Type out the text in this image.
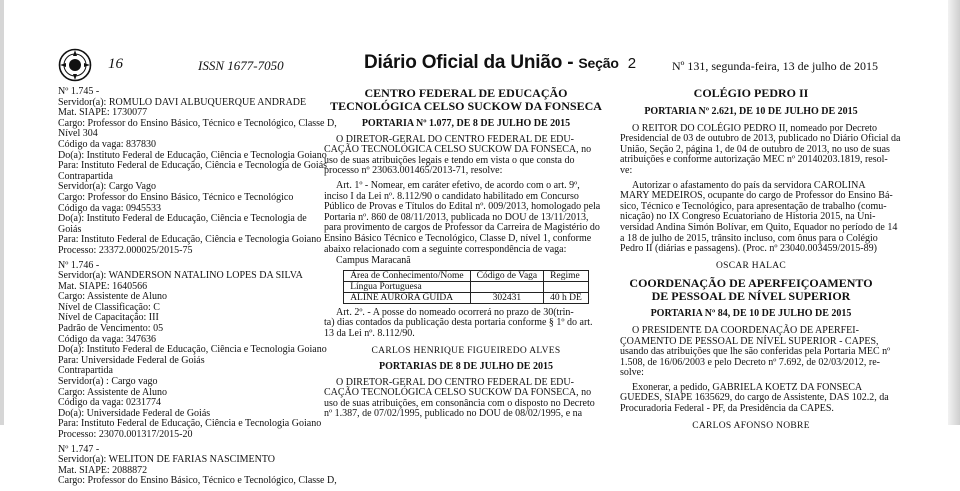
16	ISSN 1677-7050	Diário Oficial da União - Seção 2	Nº 131, segunda-feira, 13 de julho de 2015
Nº 1.745 -
Servidor(a): ROMULO DAVI ALBUQUERQUE ANDRADE
Mat. SIAPE: 1730077
Cargo: Professor do Ensino Básico, Técnico e Tecnológico, Classe D,
Nível 304
Código da vaga: 837830
Do(a): Instituto Federal de Educação, Ciência e Tecnologia Goiano
Para: Instituto Federal de Educação, Ciência e Tecnologia de Goiás
Contrapartida
Servidor(a): Cargo Vago
Cargo: Professor do Ensino Básico, Técnico e Tecnológico
Código da vaga: 0945533
Do(a): Instituto Federal de Educação, Ciência e Tecnologia de
Goiás
Para: Instituto Federal de Educação, Ciência e Tecnologia Goiano
Processo: 23372.000025/2015-75
Nº 1.746 -
Servidor(a): WANDERSON NATALINO LOPES DA SILVA
Mat. SIAPE: 1640566
Cargo: Assistente de Aluno
Nível de Classificação: C
Nível de Capacitação: III
Padrão de Vencimento: 05
Código da vaga: 347636
Do(a): Instituto Federal de Educação, Ciência e Tecnologia Goiano
Para: Universidade Federal de Goiás
Contrapartida
Servidor(a) : Cargo vago
Cargo: Assistente de Aluno
Código da vaga: 0231774
Do(a): Universidade Federal de Goiás
Para: Instituto Federal de Educação, Ciência e Tecnologia Goiano
Processo: 23070.001317/2015-20
Nº 1.747 -
Servidor(a): WELITON DE FARIAS NASCIMENTO
Mat. SIAPE: 2088872
Cargo: Professor do Ensino Básico, Técnico e Tecnológico, Classe D,
CENTRO FEDERAL DE EDUCAÇÃO
TECNOLÓGICA CELSO SUCKOW DA FONSECA
PORTARIA Nº 1.077, DE 8 DE JULHO DE 2015
O DIRETOR-GERAL DO CENTRO FEDERAL DE EDU-
CAÇÃO TECNOLÓGICA CELSO SUCKOW DA FONSECA, no
uso de suas atribuições legais e tendo em vista o que consta do
processo nº 23063.001465/2013-71, resolve:
Art. 1º - Nomear, em caráter efetivo, de acordo com o art. 9º,
inciso I da Lei nº. 8.112/90 o candidato habilitado em Concurso
Público de Provas e Títulos do Edital nº. 009/2013, homologado pela
Portaria nº. 860 de 08/11/2013, publicada no DOU de 13/11/2013,
para provimento de cargos de Professor da Carreira de Magistério do
Ensino Básico Técnico e Tecnológico, Classe D, nível 1, conforme
abaixo relacionado com a seguinte correspondência de vaga:
Campus Maracanã
Área de Conhecimento/Nome	Código de Vaga	Regime
Língua Portuguesa		
ALINE AURORA GUIDA	302431	40 h DE
Art. 2º. - A posse do nomeado ocorrerá no prazo de 30(trin-
ta) dias contados da publicação desta portaria conforme § 1º do art.
13 da Lei nº. 8.112/90.
CARLOS HENRIQUE FIGUEIREDO ALVES
PORTARIAS DE 8 DE JULHO DE 2015
O DIRETOR-GERAL DO CENTRO FEDERAL DE EDU-
CAÇÃO TECNOLÓGICA CELSO SUCKOW DA FONSECA, no
uso de suas atribuições, em consonância com o disposto no Decreto
nº 1.387, de 07/02/1995, publicado no DOU de 08/02/1995, e na
COLÉGIO PEDRO II
PORTARIA Nº 2.621, DE 10 DE JULHO DE 2015
O REITOR DO COLÉGIO PEDRO II, nomeado por Decreto
Presidencial de 03 de outubro de 2013, publicado no Diário Oficial da
União, Seção 2, página 1, de 04 de outubro de 2013, no uso de suas
atribuições e conforme autorização MEC nº 20140203.1819, resol-
ve:
Autorizar o afastamento do país da servidora CAROLINA
MARY MEDEIROS, ocupante do cargo de Professor do Ensino Bá-
sico, Técnico e Tecnológico, para apresentação de trabalho (comu-
nicação) no IX Congreso Ecuatoriano de Historia 2015, na Uni-
versidad Andina Simón Bolívar, em Quito, Equador no período de 14
a 18 de julho de 2015, trânsito incluso, com ônus para o Colégio
Pedro II (diárias e passagens). (Proc. nº 23040.003459/2015-89)
OSCAR HALAC
COORDENAÇÃO DE APERFEIÇOAMENTO
DE PESSOAL DE NÍVEL SUPERIOR
PORTARIA Nº 84, DE 10 DE JULHO DE 2015
O PRESIDENTE DA COORDENAÇÃO DE APERFEI-
ÇOAMENTO DE PESSOAL DE NÍVEL SUPERIOR - CAPES,
usando das atribuições que lhe são conferidas pela Portaria MEC nº
1.508, de 16/06/2003 e pelo Decreto nº 7.692, de 02/03/2012, re-
solve:
Exonerar, a pedido, GABRIELA KOETZ DA FONSECA
GUEDES, SIAPE 1635629, do cargo de Assistente, DAS 102.2, da
Procuradoria Federal - PF, da Presidência da CAPES.
CARLOS AFONSO NOBRE
